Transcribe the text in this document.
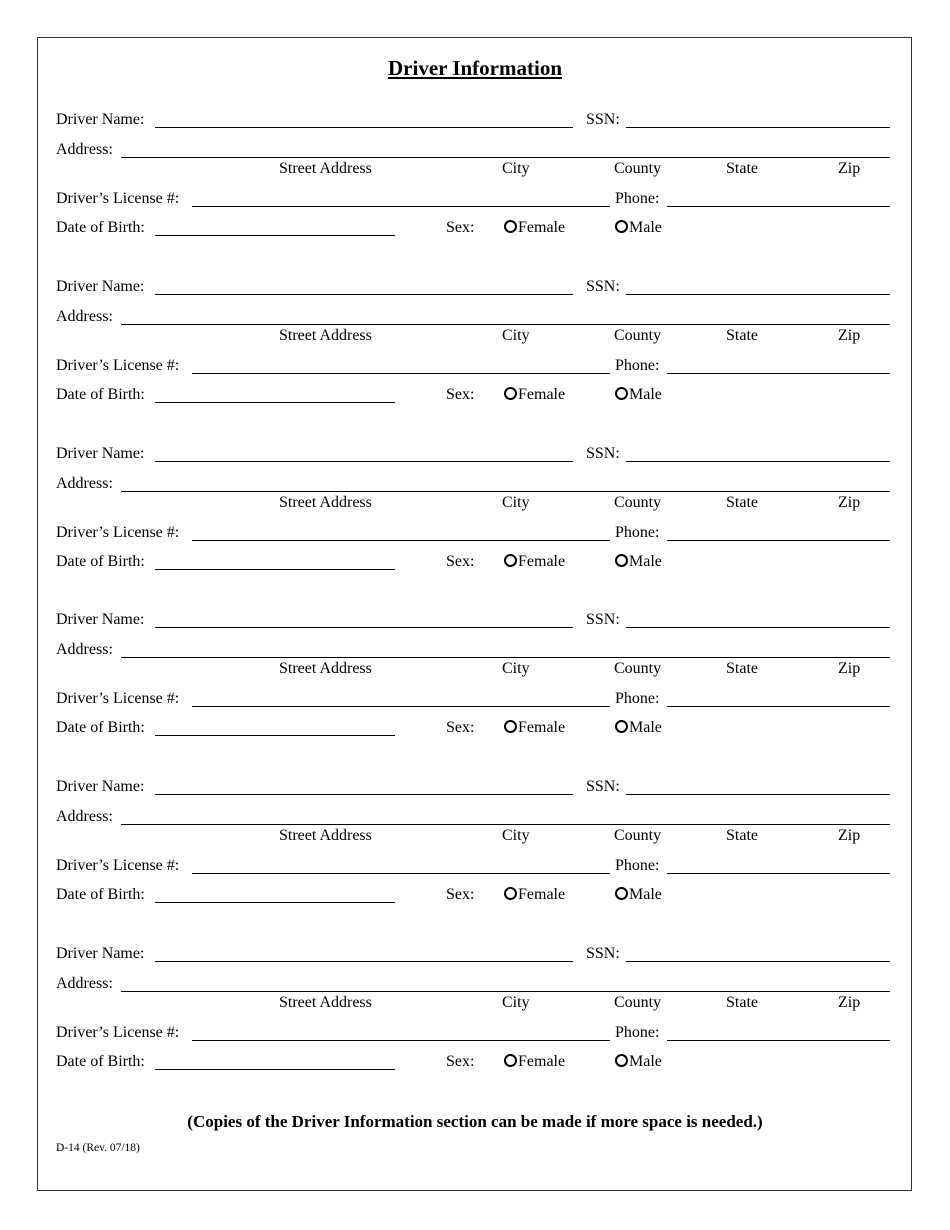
Driver Information
Driver Name:	SSN:
Address:
Street Address	City	County	State	Zip
Driver’s License #:	Phone:
Date of Birth:	Sex:	Female	Male
Driver Name:	SSN:
Address:
Street Address	City	County	State	Zip
Driver’s License #:	Phone:
Date of Birth:	Sex:	Female	Male
Driver Name:	SSN:
Address:
Street Address	City	County	State	Zip
Driver’s License #:	Phone:
Date of Birth:	Sex:	Female	Male
Driver Name:	SSN:
Address:
Street Address	City	County	State	Zip
Driver’s License #:	Phone:
Date of Birth:	Sex:	Female	Male
Driver Name:	SSN:
Address:
Street Address	City	County	State	Zip
Driver’s License #:	Phone:
Date of Birth:	Sex:	Female	Male
Driver Name:	SSN:
Address:
Street Address	City	County	State	Zip
Driver’s License #:	Phone:
Date of Birth:	Sex:	Female	Male
(Copies of the Driver Information section can be made if more space is needed.)
D-14 (Rev. 07/18)
